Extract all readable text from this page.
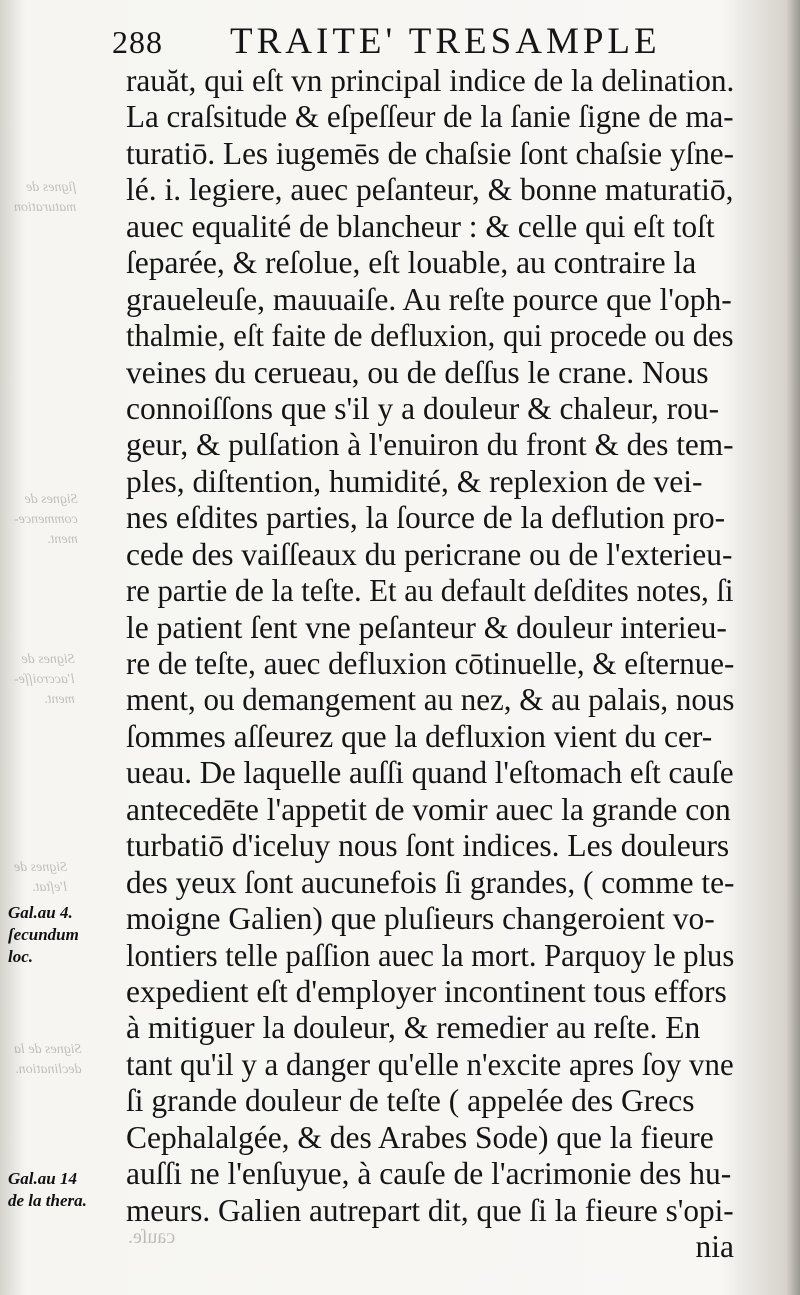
288 TRAITE' TRESAMPLE
ſignes de
maturation
Signes de
commence-
ment.
Signes de
l'accroiſſe-
ment.
Signes de
l'eſtat.
Signes de la
declination.
rauăt, qui eſt vn principal indice de la delination.
La craſsitude & eſpeſſeur de la ſanie ſigne de ma-
turatiō. Les iugemēs de chaſsie ſont chaſsie yſne-
lé. i. legiere, auec peſanteur, & bonne maturatiō,
auec equalité de blancheur : & celle qui eſt toſt
ſeparée, & reſolue, eſt louable, au contraire la
graueleuſe, mauuaiſe. Au reſte pource que l'oph-
thalmie, eſt faite de defluxion, qui procede ou des
veines du cerueau, ou de deſſus le crane. Nous
connoiſſons que s'il y a douleur & chaleur, rou-
geur, & pulſation à l'enuiron du front & des tem-
ples, diſtention, humidité, & replexion de vei-
nes eſdites parties, la ſource de la deflution pro-
cede des vaiſſeaux du pericrane ou de l'exterieu-
re partie de la teſte. Et au default deſdites notes, ſi
le patient ſent vne peſanteur & douleur interieu-
re de teſte, auec defluxion cōtinuelle, & eſternue-
ment, ou demangement au nez, & au palais, nous
ſommes aſſeurez que la defluxion vient du cer-
ueau. De laquelle auſſi quand l'eſtomach eſt cauſe
antecedēte l'appetit de vomir auec la grande con
turbatiō d'iceluy nous ſont indices. Les douleurs
des yeux ſont aucunefois ſi grandes, ( comme te-
moigne Galien) que pluſieurs changeroient vo-
lontiers telle paſſion auec la mort. Parquoy le plus
expedient eſt d'employer incontinent tous effors
à mitiguer la douleur, & remedier au reſte. En
tant qu'il y a danger qu'elle n'excite apres ſoy vne
ſi grande douleur de teſte ( appelée des Grecs
Cephalalgée, & des Arabes Sode) que la fieure
auſſi ne l'enſuyue, à cauſe de l'acrimonie des hu-
meurs. Galien autrepart dit, que ſi la fieure s'opi-
nia
Gal.au 4.
ſecundum
loc.
Gal.au 14
de la thera.
cauſe.
